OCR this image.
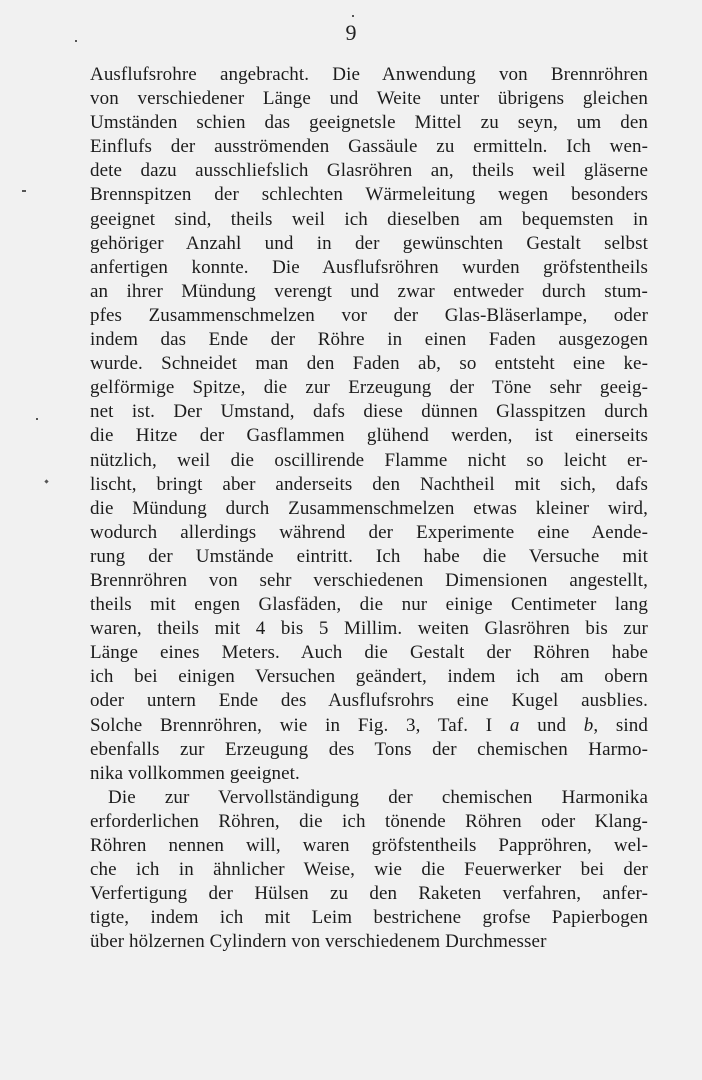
9
Ausflufsrohre angebracht. Die Anwendung von Brennröhren
von verschiedener Länge und Weite unter übrigens gleichen
Umständen schien das geeignetsle Mittel zu seyn, um den
Einflufs der ausströmenden Gassäule zu ermitteln. Ich wen-
dete dazu ausschliefslich Glasröhren an, theils weil gläserne
Brennspitzen der schlechten Wärmeleitung wegen besonders
geeignet sind, theils weil ich dieselben am bequemsten in
gehöriger Anzahl und in der gewünschten Gestalt selbst
anfertigen konnte. Die Ausflufsröhren wurden gröfstentheils
an ihrer Mündung verengt und zwar entweder durch stum-
pfes Zusammenschmelzen vor der Glas-Bläserlampe, oder
indem das Ende der Röhre in einen Faden ausgezogen
wurde. Schneidet man den Faden ab, so entsteht eine ke-
gelförmige Spitze, die zur Erzeugung der Töne sehr geeig-
net ist. Der Umstand, dafs diese dünnen Glasspitzen durch
die Hitze der Gasflammen glühend werden, ist einerseits
nützlich, weil die oscillirende Flamme nicht so leicht er-
lischt, bringt aber anderseits den Nachtheil mit sich, dafs
die Mündung durch Zusammenschmelzen etwas kleiner wird,
wodurch allerdings während der Experimente eine Aende-
rung der Umstände eintritt. Ich habe die Versuche mit
Brennröhren von sehr verschiedenen Dimensionen angestellt,
theils mit engen Glasfäden, die nur einige Centimeter lang
waren, theils mit 4 bis 5 Millim. weiten Glasröhren bis zur
Länge eines Meters. Auch die Gestalt der Röhren habe
ich bei einigen Versuchen geändert, indem ich am obern
oder untern Ende des Ausflufsrohrs eine Kugel ausblies.
Solche Brennröhren, wie in Fig. 3, Taf. I a und b, sind
ebenfalls zur Erzeugung des Tons der chemischen Harmo-
nika vollkommen geeignet.
Die zur Vervollständigung der chemischen Harmonika
erforderlichen Röhren, die ich tönende Röhren oder Klang-
Röhren nennen will, waren gröfstentheils Pappröhren, wel-
che ich in ähnlicher Weise, wie die Feuerwerker bei der
Verfertigung der Hülsen zu den Raketen verfahren, anfer-
tigte, indem ich mit Leim bestrichene grofse Papierbogen
über hölzernen Cylindern von verschiedenem Durchmesser
